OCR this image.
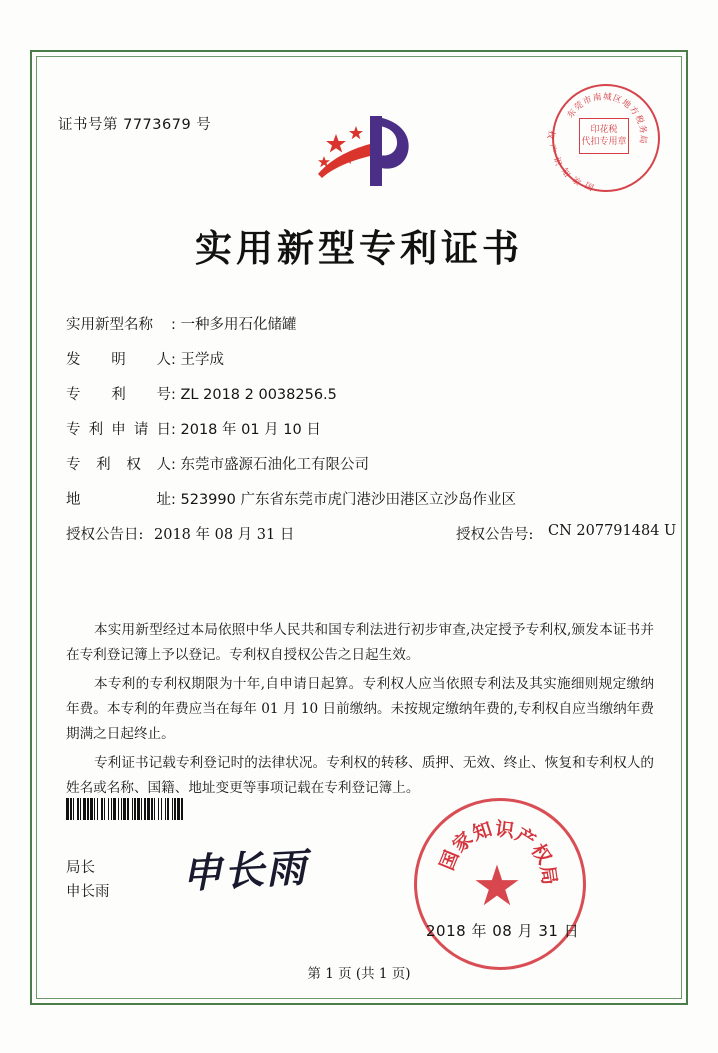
证书号第 7773679 号
东
莞
市
南 城 区
地
方
税
务
局
国
家
知
识
产
权	印花税
代扣专用章
实用新型专利证书
实用新型名称 : 一种多用石化储罐
发 明 人: 王学成
专 利 号: ZL 2018 2 0038256.5
专利申请日: 2018 年 01 月 10 日
专 利 权 人: 东莞市盛源石油化工有限公司
地 址: 523990 广东省东莞市虎门港沙田港区立沙岛作业区
授权公告日: 2018 年 08 月 31 日	授权公告号: CN 207791484 U

本实用新型经过本局依照中华人民共和国专利法进行初步审查,决定授予专利权,颁发本证书并在专利登记簿上予以登记。专利权自授权公告之日起生效。

本专利的专利权期限为十年,自申请日起算。专利权人应当依照专利法及其实施细则规定缴纳年费。本专利的年费应当在每年 01 月 10 日前缴纳。未按规定缴纳年费的,专利权自应当缴纳年费期满之日起终止。

专利证书记载专利登记时的法律状况。专利权的转移、质押、无效、终止、恢复和专利权人的姓名或名称、国籍、地址变更等事项记载在专利登记簿上。

局长
申长雨 申长雨	国
家
知 识
产
权
局
★
2018 年 08 月 31 日
第 1 页 (共 1 页)
